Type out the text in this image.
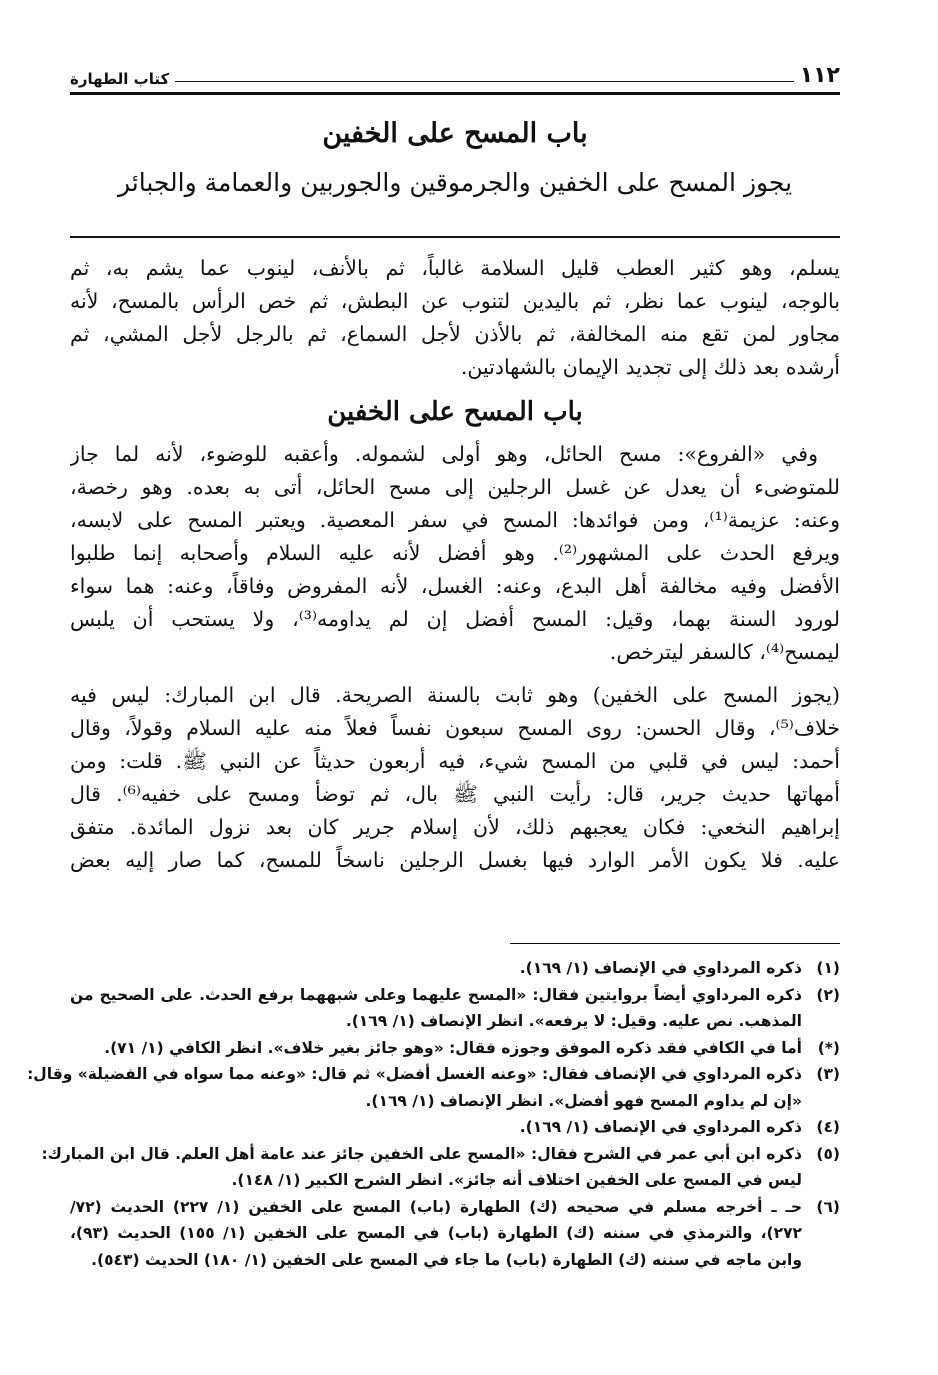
١١٢
كتاب الطهارة
باب المسح على الخفين
يجوز المسح على الخفين والجرموقين والجوربين والعمامة والجبائر
يسلم، وهو كثير العطب قليل السلامة غالباً، ثم بالأنف، لينوب عما يشم به، ثم
بالوجه، لينوب عما نظر، ثم باليدين لتنوب عن البطش، ثم خص الرأس بالمسح، لأنه
مجاور لمن تقع منه المخالفة، ثم بالأذن لأجل السماع، ثم بالرجل لأجل المشي، ثم
أرشده بعد ذلك إلى تجديد الإيمان بالشهادتين.
باب المسح على الخفين
وفي «الفروع»: مسح الحائل، وهو أولى لشموله. وأعقبه للوضوء، لأنه لما جاز
للمتوضىء أن يعدل عن غسل الرجلين إلى مسح الحائل، أتى به بعده. وهو رخصة،
وعنه: عزيمة⁽¹⁾، ومن فوائدها: المسح في سفر المعصية. ويعتبر المسح على لابسه،
ويرفع الحدث على المشهور⁽²⁾. وهو أفضل لأنه عليه السلام وأصحابه إنما طلبوا
الأفضل وفيه مخالفة أهل البدع، وعنه: الغسل، لأنه المفروض وفاقاً، وعنه: هما سواء
لورود السنة بهما، وقيل: المسح أفضل إن لم يداومه⁽³⁾، ولا يستحب أن يلبس
ليمسح⁽⁴⁾، كالسفر ليترخص.
(يجوز المسح على الخفين) وهو ثابت بالسنة الصريحة. قال ابن المبارك: ليس فيه
خلاف⁽⁵⁾، وقال الحسن: روى المسح سبعون نفساً فعلاً منه عليه السلام وقولاً، وقال
أحمد: ليس في قلبي من المسح شيء، فيه أربعون حديثاً عن النبي ﷺ. قلت: ومن
أمهاتها حديث جرير، قال: رأيت النبي ﷺ بال، ثم توضأ ومسح على خفيه⁽⁶⁾. قال
إبراهيم النخعي: فكان يعجبهم ذلك، لأن إسلام جرير كان بعد نزول المائدة. متفق
عليه. فلا يكون الأمر الوارد فيها بغسل الرجلين ناسخاً للمسح، كما صار إليه بعض
(١)
ذكره المرداوي في الإنصاف (١/ ١٦٩).
(٢)
ذكره المرداوي أيضاً بروايتين فقال: «المسح عليهما وعلى شبههما برفع الحدث. على الصحيح من
المذهب. نص عليه. وقيل: لا يرفعه». انظر الإنصاف (١/ ١٦٩).
(*)
أما في الكافي فقد ذكره الموفق وجوزه فقال: «وهو جائز بغير خلاف». انظر الكافي (١/ ٧١).
(٣)
ذكره المرداوي في الإنصاف فقال: «وعنه الغسل أفضل» ثم قال: «وعنه مما سواه في الفضيلة» وقال:
«إن لم يداوم المسح فهو أفضل». انظر الإنصاف (١/ ١٦٩).
(٤)
ذكره المرداوي في الإنصاف (١/ ١٦٩).
(٥)
ذكره ابن أبي عمر في الشرح فقال: «المسح على الخفين جائز عند عامة أهل العلم. قال ابن المبارك:
ليس في المسح على الخفين اختلاف أنه جائز». انظر الشرح الكبير (١/ ١٤٨).
(٦)
حـ ـ أخرجه مسلم في صحيحه (ك) الطهارة (باب) المسح على الخفين (١/ ٢٢٧) الحديث (٧٢/
٢٧٢)، والترمذي في سننه (ك) الطهارة (باب) في المسح على الخفين (١/ ١٥٥) الحديث (٩٣)،
وابن ماجه في سننه (ك) الطهارة (باب) ما جاء في المسح على الخفين (١/ ١٨٠) الحديث (٥٤٣).
